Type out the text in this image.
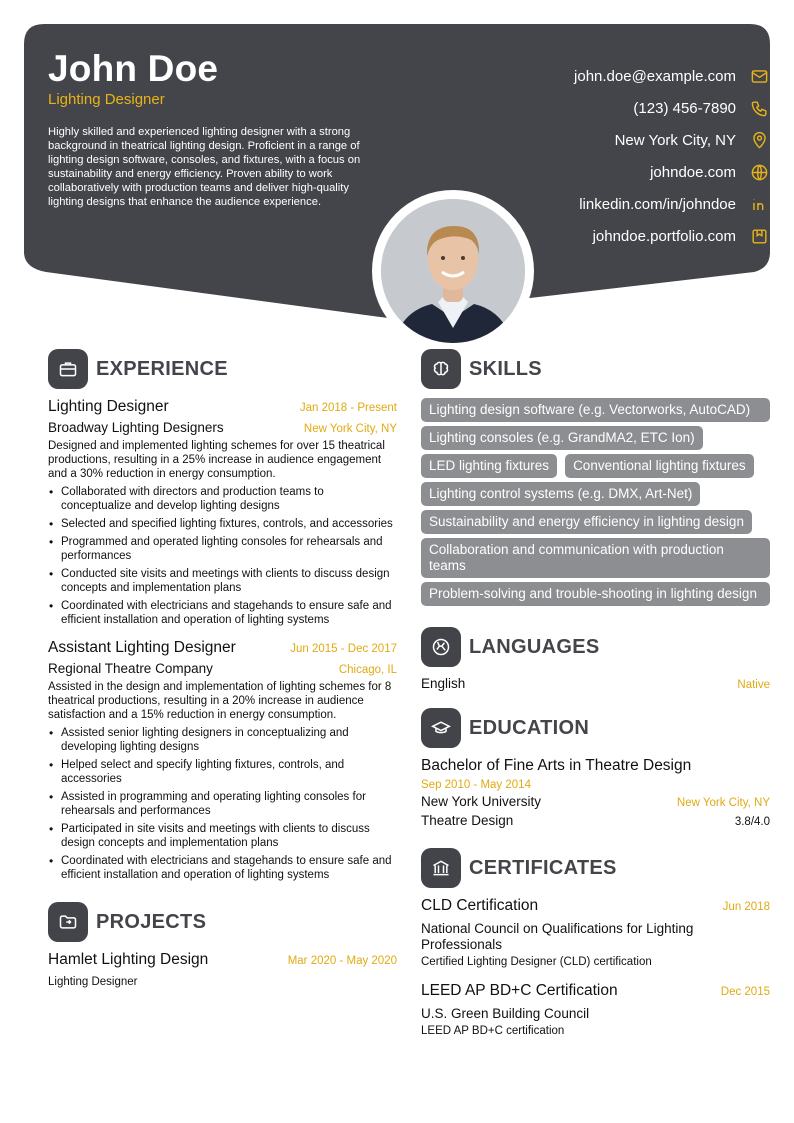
John Doe
Lighting Designer
Highly skilled and experienced lighting designer with a strong background in theatrical lighting design. Proficient in a range of lighting design software, consoles, and fixtures, with a focus on sustainability and energy efficiency. Proven ability to work collaboratively with production teams and deliver high-quality lighting designs that enhance the audience experience.
john.doe@example.com
(123) 456-7890
New York City, NY
johndoe.com
linkedin.com/in/johndoe
johndoe.portfolio.com
EXPERIENCE
Lighting Designer	Jan 2018 - Present
Broadway Lighting Designers	New York City, NY
Designed and implemented lighting schemes for over 15 theatrical productions, resulting in a 25% increase in audience engagement and a 30% reduction in energy consumption.
• Collaborated with directors and production teams to conceptualize and develop lighting designs
• Selected and specified lighting fixtures, controls, and accessories
• Programmed and operated lighting consoles for rehearsals and performances
• Conducted site visits and meetings with clients to discuss design concepts and implementation plans
• Coordinated with electricians and stagehands to ensure safe and efficient installation and operation of lighting systems
Assistant Lighting Designer	Jun 2015 - Dec 2017
Regional Theatre Company	Chicago, IL
Assisted in the design and implementation of lighting schemes for 8 theatrical productions, resulting in a 20% increase in audience satisfaction and a 15% reduction in energy consumption.
• Assisted senior lighting designers in conceptualizing and developing lighting designs
• Helped select and specify lighting fixtures, controls, and accessories
• Assisted in programming and operating lighting consoles for rehearsals and performances
• Participated in site visits and meetings with clients to discuss design concepts and implementation plans
• Coordinated with electricians and stagehands to ensure safe and efficient installation and operation of lighting systems
PROJECTS
Hamlet Lighting Design	Mar 2020 - May 2020
Lighting Designer
SKILLS
Lighting design software (e.g. Vectorworks, AutoCAD)
Lighting consoles (e.g. GrandMA2, ETC Ion)
LED lighting fixtures	Conventional lighting fixtures
Lighting control systems (e.g. DMX, Art-Net)
Sustainability and energy efficiency in lighting design
Collaboration and communication with production teams
Problem-solving and trouble-shooting in lighting design
LANGUAGES
English	Native
EDUCATION
Bachelor of Fine Arts in Theatre Design
Sep 2010 - May 2014
New York University	New York City, NY
Theatre Design	3.8/4.0
CERTIFICATES
CLD Certification	Jun 2018
National Council on Qualifications for Lighting Professionals
Certified Lighting Designer (CLD) certification
LEED AP BD+C Certification	Dec 2015
U.S. Green Building Council
LEED AP BD+C certification
